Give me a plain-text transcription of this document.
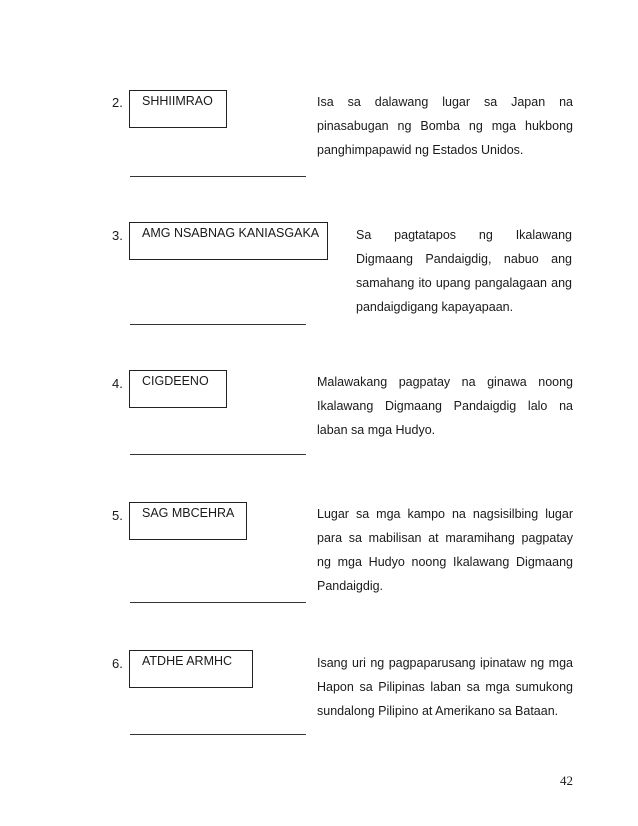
2.	SHHIIMRAO	Isa sa dalawang lugar sa Japan na pinasabugan ng Bomba ng mga hukbong panghimpapawid ng Estados Unidos.

3.	AMG NSABNAG KANIASGAKA	Sa pagtatapos ng Ikalawang Digmaang Pandaigdig, nabuo ang samahang ito upang pangalagaan ang pandaigdigang kapayapaan.

4.	CIGDEENO	Malawakang pagpatay na ginawa noong Ikalawang Digmaang Pandaigdig lalo na laban sa mga Hudyo.

5.	SAG MBCEHRA	Lugar sa mga kampo na nagsisilbing lugar para sa mabilisan at maramihang pagpatay ng mga Hudyo noong Ikalawang Digmaang Pandaigdig.

6.	ATDHE ARMHC	Isang uri ng pagpaparusang ipinataw ng mga Hapon sa Pilipinas laban sa mga sumukong sundalong Pilipino at Amerikano sa Bataan.

42
